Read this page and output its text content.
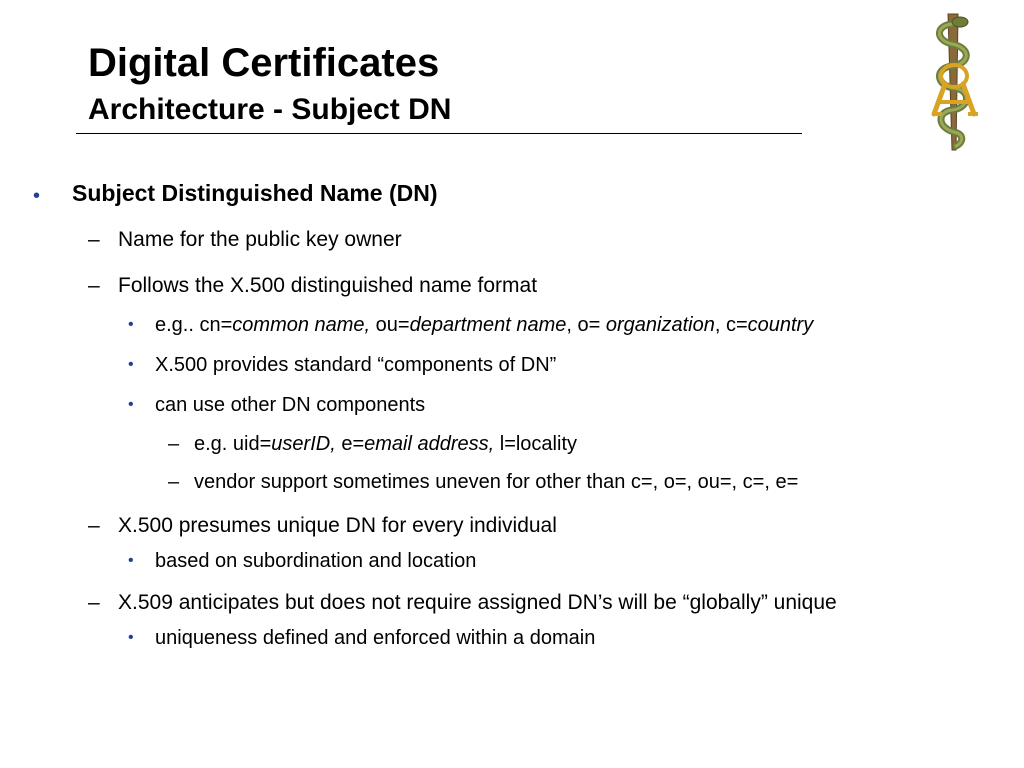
Digital Certificates
Architecture - Subject DN
• Subject Distinguished Name (DN)
– Name for the public key owner
– Follows the X.500 distinguished name format
• e.g.. cn=common name, ou=department name, o= organization, c=country
• X.500 provides standard “components of DN”
• can use other DN components
– e.g. uid=userID, e=email address, l=locality
– vendor support sometimes uneven for other than c=, o=, ou=, c=, e=
– X.500 presumes unique DN for every individual
• based on subordination and location
– X.509 anticipates but does not require assigned DN’s will be “globally” unique
• uniqueness defined and enforced within a domain
